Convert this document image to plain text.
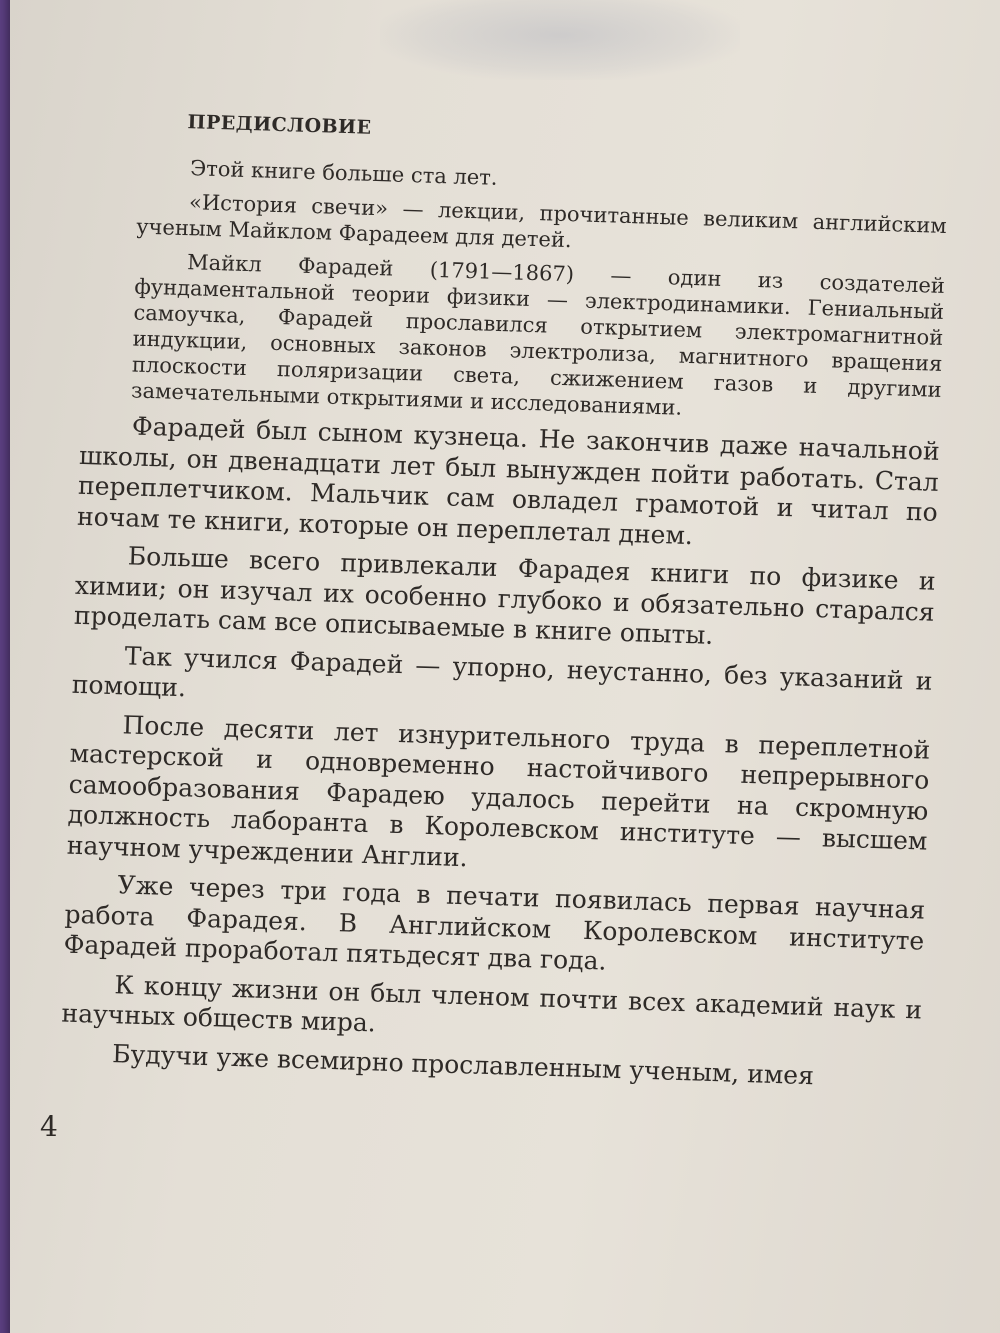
ПРЕДИСЛОВИЕ

Этой книге больше ста лет.

«История свечи» — лекции, прочитанные великим английским ученым Майклом Фарадеем для детей.

Майкл Фарадей (1791—1867) — один из создателей фундаментальной теории физики — электродинамики. Гениальный самоучка, Фарадей прославился открытием электромагнитной индукции, основных законов электролиза, магнитного вращения плоскости поляризации света, сжижением газов и другими замечательными открытиями и исследованиями.

Фарадей был сыном кузнеца. Не закончив даже начальной школы, он двенадцати лет был вынужден пойти работать. Стал переплетчиком. Мальчик сам овладел грамотой и читал по ночам те книги, которые он переплетал днем.

Больше всего привлекали Фарадея книги по физике и химии; он изучал их особенно глубоко и обязательно старался проделать сам все описываемые в книге опыты.

Так учился Фарадей — упорно, неустанно, без указаний и помощи.

После десяти лет изнурительного труда в переплетной мастерской и одновременно настойчивого непрерывного самообразования Фарадею удалось перейти на скромную должность лаборанта в Королевском институте — высшем научном учреждении Англии.

Уже через три года в печати появилась первая научная работа Фарадея. В Английском Королевском институте Фарадей проработал пятьдесят два года.

К концу жизни он был членом почти всех академий наук и научных обществ мира.

Будучи уже всемирно прославленным ученым, имея

4
